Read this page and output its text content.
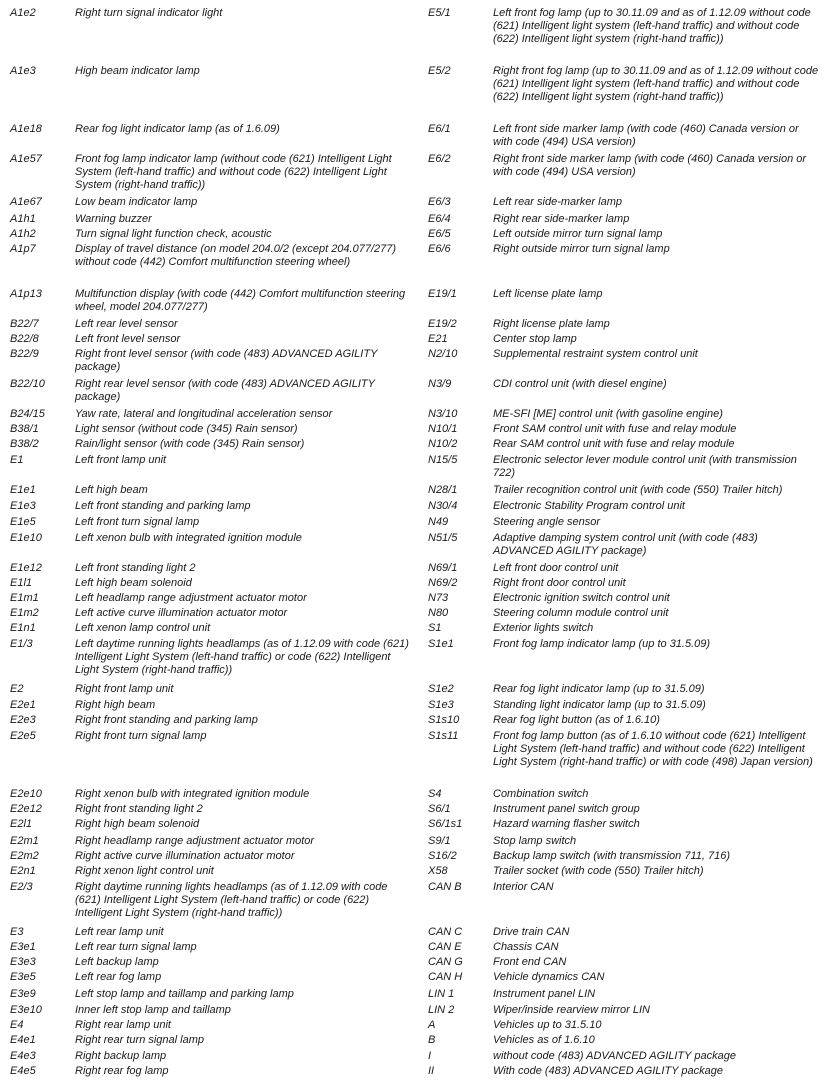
A1e2	Right turn signal indicator light
A1e3	High beam indicator lamp
A1e18	Rear fog light indicator lamp (as of 1.6.09)
A1e57	Front fog lamp indicator lamp (without code (621) Intelligent Light System (left-hand traffic) and without code (622) Intelligent Light System (right-hand traffic))
A1e67	Low beam indicator lamp
A1h1	Warning buzzer
A1h2	Turn signal light function check, acoustic
A1p7	Display of travel distance (on model 204.0/2 (except 204.077/277) without code (442) Comfort multifunction steering wheel)
A1p13	Multifunction display (with code (442) Comfort multifunction steering wheel, model 204.077/277)
B22/7	Left rear level sensor
B22/8	Left front level sensor
B22/9	Right front level sensor (with code (483) ADVANCED AGILITY package)
B22/10	Right rear level sensor (with code (483) ADVANCED AGILITY package)
B24/15	Yaw rate, lateral and longitudinal acceleration sensor
B38/1	Light sensor (without code (345) Rain sensor)
B38/2	Rain/light sensor (with code (345) Rain sensor)
E1	Left front lamp unit
E1e1	Left high beam
E1e3	Left front standing and parking lamp
E1e5	Left front turn signal lamp
E1e10	Left xenon bulb with integrated ignition module
E1e12	Left front standing light 2
E1l1	Left high beam solenoid
E1m1	Left headlamp range adjustment actuator motor
E1m2	Left active curve illumination actuator motor
E1n1	Left xenon lamp control unit
E1/3	Left daytime running lights headlamps (as of 1.12.09 with code (621) Intelligent Light System (left-hand traffic) or code (622) Intelligent Light System (right-hand traffic))
E2	Right front lamp unit
E2e1	Right high beam
E2e3	Right front standing and parking lamp
E2e5	Right front turn signal lamp
E2e10	Right xenon bulb with integrated ignition module
E2e12	Right front standing light 2
E2l1	Right high beam solenoid
E2m1	Right headlamp range adjustment actuator motor
E2m2	Right active curve illumination actuator motor
E2n1	Right xenon light control unit
E2/3	Right daytime running lights headlamps (as of 1.12.09 with code (621) Intelligent Light System (left-hand traffic) or code (622) Intelligent Light System (right-hand traffic))
E3	Left rear lamp unit
E3e1	Left rear turn signal lamp
E3e3	Left backup lamp
E3e5	Left rear fog lamp
E3e9	Left stop lamp and taillamp and parking lamp
E3e10	Inner left stop lamp and taillamp
E4	Right rear lamp unit
E4e1	Right rear turn signal lamp
E4e3	Right backup lamp
E4e5	Right rear fog lamp
E5/1	Left front fog lamp (up to 30.11.09 and as of 1.12.09 without code (621) Intelligent light system (left-hand traffic) and without code (622) Intelligent light system (right-hand traffic))
E5/2	Right front fog lamp (up to 30.11.09 and as of 1.12.09 without code (621) Intelligent light system (left-hand traffic) and without code (622) Intelligent light system (right-hand traffic))
E6/1	Left front side marker lamp (with code (460) Canada version or with code (494) USA version)
E6/2	Right front side marker lamp (with code (460) Canada version or with code (494) USA version)
E6/3	Left rear side-marker lamp
E6/4	Right rear side-marker lamp
E6/5	Left outside mirror turn signal lamp
E6/6	Right outside mirror turn signal lamp
E19/1	Left license plate lamp
E19/2	Right license plate lamp
E21	Center stop lamp
N2/10	Supplemental restraint system control unit
N3/9	CDI control unit (with diesel engine)
N3/10	ME-SFI [ME] control unit (with gasoline engine)
N10/1	Front SAM control unit with fuse and relay module
N10/2	Rear SAM control unit with fuse and relay module
N15/5	Electronic selector lever module control unit (with transmission 722)
N28/1	Trailer recognition control unit (with code (550) Trailer hitch)
N30/4	Electronic Stability Program control unit
N49	Steering angle sensor
N51/5	Adaptive damping system control unit (with code (483) ADVANCED AGILITY package)
N69/1	Left front door control unit
N69/2	Right front door control unit
N73	Electronic ignition switch control unit
N80	Steering column module control unit
S1	Exterior lights switch
S1e1	Front fog lamp indicator lamp (up to 31.5.09)
S1e2	Rear fog light indicator lamp (up to 31.5.09)
S1e3	Standing light indicator lamp (up to 31.5.09)
S1s10	Rear fog light button (as of 1.6.10)
S1s11	Front fog lamp button (as of 1.6.10 without code (621) Intelligent Light System (left-hand traffic) and without code (622) Intelligent Light System (right-hand traffic) or with code (498) Japan version)
S4	Combination switch
S6/1	Instrument panel switch group
S6/1s1	Hazard warning flasher switch
S9/1	Stop lamp switch
S16/2	Backup lamp switch (with transmission 711, 716)
X58	Trailer socket (with code (550) Trailer hitch)
CAN B	Interior CAN
CAN C	Drive train CAN
CAN E	Chassis CAN
CAN G	Front end CAN
CAN H	Vehicle dynamics CAN
LIN 1	Instrument panel LIN
LIN 2	Wiper/inside rearview mirror LIN
A	Vehicles up to 31.5.10
B	Vehicles as of 1.6.10
I	without code (483) ADVANCED AGILITY package
II	With code (483) ADVANCED AGILITY package
